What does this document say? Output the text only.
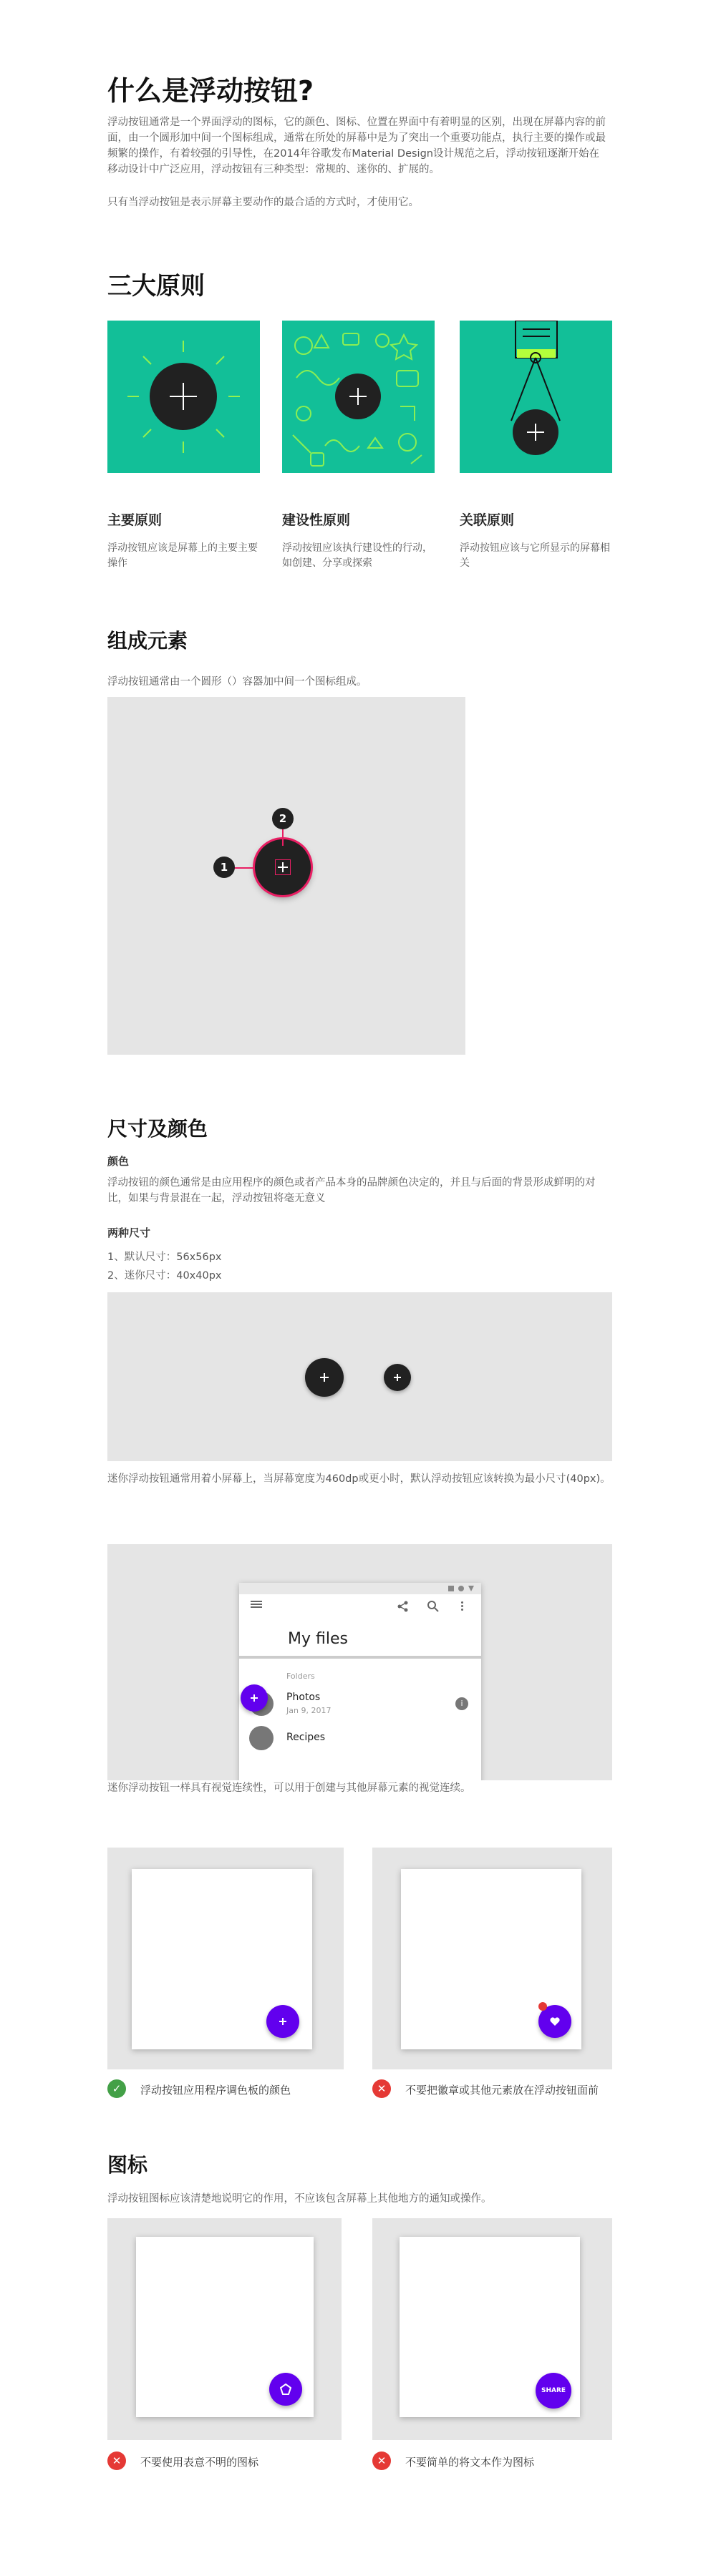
什么是浮动按钮?

浮动按钮通常是一个界面浮动的图标，它的颜色、图标、位置在界面中有着明显的区别，出现在屏幕内容的前面，由一个圆形加中间一个图标组成，通常在所处的屏幕中是为了突出一个重要功能点，执行主要的操作或最频繁的操作，有着较强的引导性，在2014年谷歌发布Material Design设计规范之后，浮动按钮逐渐开始在移动设计中广泛应用，浮动按钮有三种类型：常规的、迷你的、扩展的。

只有当浮动按钮是表示屏幕主要动作的最合适的方式时，才使用它。

三大原则
主要原则
浮动按钮应该是屏幕上的主要主要操作
建设性原则
浮动按钮应该执行建设性的行动，如创建、分享或探索
关联原则
浮动按钮应该与它所显示的屏幕相关
组成元素

浮动按钮通常由一个圆形（）容器加中间一个图标组成。

1
2
尺寸及颜色
颜色

浮动按钮的颜色通常是由应用程序的颜色或者产品本身的品牌颜色决定的，并且与后面的背景形成鲜明的对比，如果与背景混在一起，浮动按钮将毫无意义

两种尺寸

1、默认尺寸：56x56px

2、迷你尺寸：40x40px

迷你浮动按钮通常用着小屏幕上，当屏幕宽度为460dp或更小时，默认浮动按钮应该转换为最小尺寸(40px)。

My files
Folders
Photos
Jan 9, 2017
i
Recipes

迷你浮动按钮一样具有视觉连续性，可以用于创建与其他屏幕元素的视觉连续。

✓	浮动按钮应用程序调色板的颜色	✕	不要把徽章或其他元素放在浮动按钮面前
图标

浮动按钮图标应该清楚地说明它的作用，不应该包含屏幕上其他地方的通知或操作。

SHARE
✕	不要使用表意不明的图标	✕	不要简单的将文本作为图标
